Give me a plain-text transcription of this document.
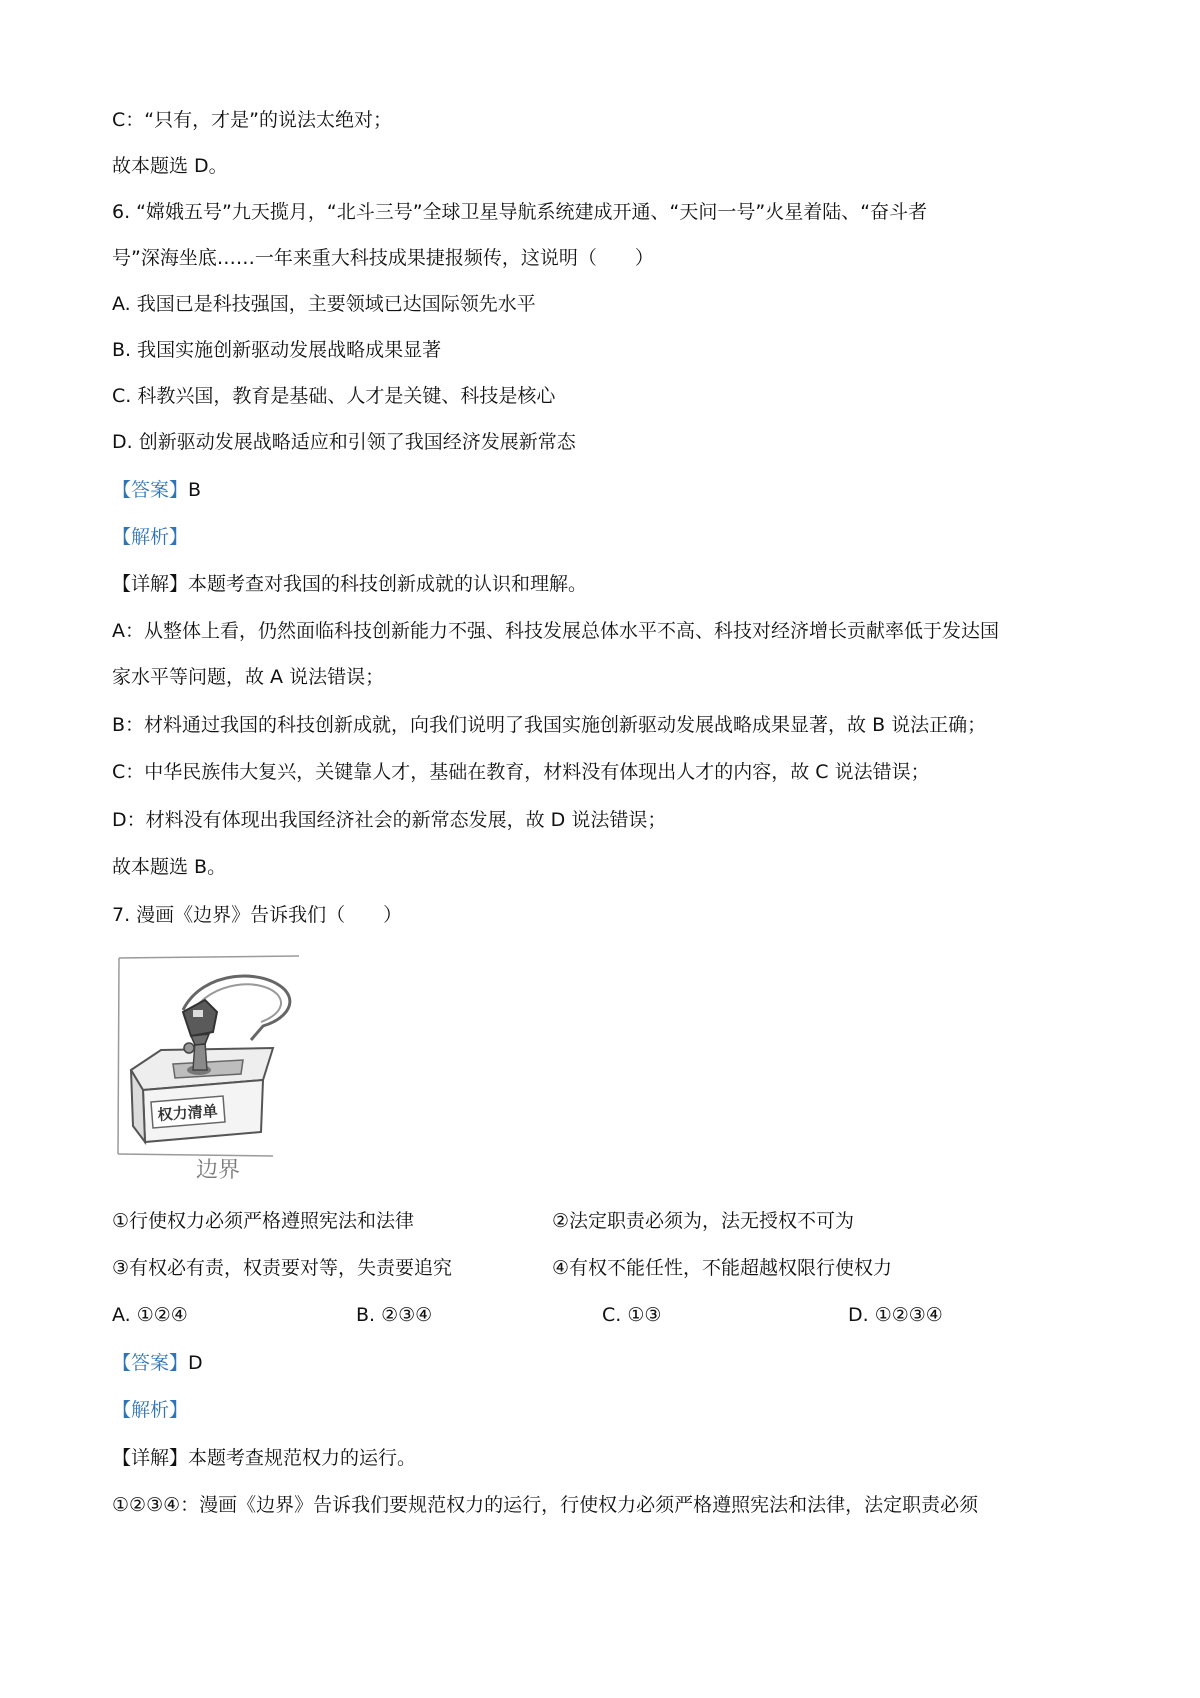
C：“只有，才是”的说法太绝对；
故本题选 D。
6. “嫦娥五号”九天揽月，“北斗三号”全球卫星导航系统建成开通、“天问一号”火星着陆、“奋斗者
号”深海坐底……一年来重大科技成果捷报频传，这说明（　　）
A. 我国已是科技强国，主要领域已达国际领先水平
B. 我国实施创新驱动发展战略成果显著
C. 科教兴国，教育是基础、人才是关键、科技是核心
D. 创新驱动发展战略适应和引领了我国经济发展新常态
【答案】B
【解析】
【详解】本题考查对我国的科技创新成就的认识和理解。
A：从整体上看，仍然面临科技创新能力不强、科技发展总体水平不高、科技对经济增长贡献率低于发达国
家水平等问题，故 A 说法错误；
B：材料通过我国的科技创新成就，向我们说明了我国实施创新驱动发展战略成果显著，故 B 说法正确；
C：中华民族伟大复兴，关键靠人才，基础在教育，材料没有体现出人才的内容，故 C 说法错误；
D：材料没有体现出我国经济社会的新常态发展，故 D 说法错误；
故本题选 B。
7. 漫画《边界》告诉我们（　　）
权力清单
边界
①行使权力必须严格遵照宪法和法律	②法定职责必须为，法无授权不可为
③有权必有责，权责要对等，失责要追究	④有权不能任性，不能超越权限行使权力
A. ①②④	B. ②③④	C. ①③	D. ①②③④
【答案】D
【解析】
【详解】本题考查规范权力的运行。
①②③④：漫画《边界》告诉我们要规范权力的运行，行使权力必须严格遵照宪法和法律，法定职责必须
